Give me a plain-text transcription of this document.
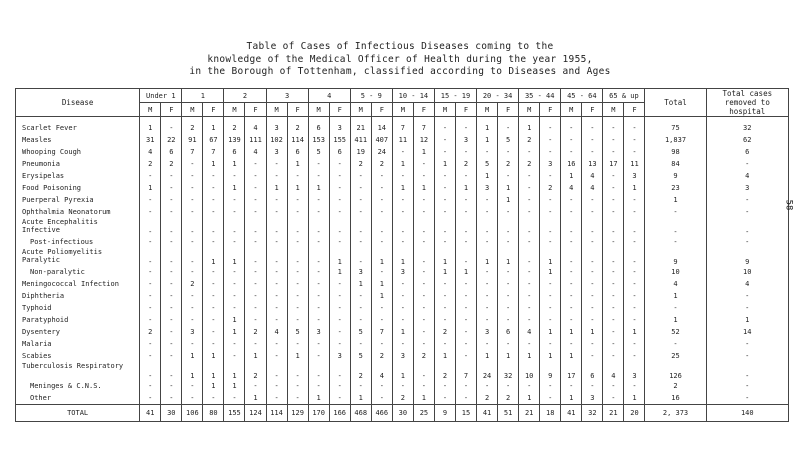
Table of Cases of Infectious Diseases coming to the
knowledge of the Medical Officer of Health during the year 1955,
in the Borough of Tottenham, classified according to Diseases and Ages
Disease	Under 1		1		2		3		4		5 - 9		10 - 14		15 - 19		20 - 34		35 - 44		45 - 64		65 & up		Total	Total cases removed to hospital
	M	F	M	F	M	F	M	F	M	F	M	F	M	F	M	F	M	F	M	F	M	F	M	F		

Scarlet Fever	1	-	2	1	2	4	3	2	6	3	21	14	7	7	-	-	1	-	1	-	-	-	-	-	75	32
Measles	31	22	91	67	139	111	102	114	153	155	411	407	11	12	-	3	1	5	2	-	-	-	-	-	1,837	62
Whooping Cough	4	6	7	7	6	4	3	6	5	6	19	24	-	1	-	-	-	-	-	-	-	-	-	-	98	6
Pneumonia	2	2	-	1	1	-	-	1	-	-	2	2	1	-	1	2	5	2	2	3	16	13	17	11	84	-
Erysipelas	-	-	-	-	-	-	-	-	-	-	-	-	-	-	-	-	1	-	-	-	1	4	-	3	9	4
Food Poisoning	1	-	-	-	1	-	1	1	1	-	-	-	1	1	-	1	3	1	-	2	4	4	-	1	23	3
Puerperal Pyrexia	-	-	-	-	-	-	-	-	-	-	-	-	-	-	-	-	-	1	-	-	-	-	-	-	1	-
Ophthalmia Neonatorum	-	-	-	-	-	-	-	-	-	-	-	-	-	-	-	-	-	-	-	-	-	-	-	-	-	-
Acute Encephalitis Infective	-	-	-	-	-	-	-	-	-	-	-	-	-	-	-	-	-	-	-	-	-	-	-	-	-	-
Post-infectious	-	-	-	-	-	-	-	-	-	-	-	-	-	-	-	-	-	-	-	-	-	-	-	-	-	-
Acute Poliomyelitis Paralytic	-	-	-	1	1	-	-	-	-	1	-	1	1	-	1	-	1	1	-	1	-	-	-	-	9	9
Non-paralytic	-	-	-	-	-	-	-	-	-	1	3	-	3	-	1	1	-	-	-	1	-	-	-	-	10	10
Meningococcal Infection	-	-	2	-	-	-	-	-	-	-	1	1	-	-	-	-	-	-	-	-	-	-	-	-	4	4
Diphtheria	-	-	-	-	-	-	-	-	-	-	-	1	-	-	-	-	-	-	-	-	-	-	-	-	1	-
Typhoid	-	-	-	-	-	-	-	-	-	-	-	-	-	-	-	-	-	-	-	-	-	-	-	-	-	-
Paratyphoid	-	-	-	-	1	-	-	-	-	-	-	-	-	-	-	-	-	-	-	-	-	-	-	-	1	1
Dysentery	2	-	3	-	1	2	4	5	3	-	5	7	1	-	2	-	3	6	4	1	1	1	-	1	52	14
Malaria	-	-	-	-	-	-	-	-	-	-	-	-	-	-	-	-	-	-	-	-	-	-	-	-	-	-
Scabies	-	-	1	1	-	1	-	1	-	3	5	2	3	2	1	-	1	1	1	1	1	-	-	-	25	-
Tuberculosis Respiratory	-	-	1	1	1	2	-	-	-	-	2	4	1	-	2	7	24	32	10	9	17	6	4	3	126	-
Meninges & C.N.S.	-	-	-	1	1	-	-	-	-	-	-	-	-	-	-	-	-	-	-	-	-	-	-	-	2	-
Other	-	-	-	-	-	1	-	-	1	-	1	-	2	1	-	-	2	2	1	-	1	3	-	1	16	-
TOTAL	41	30	106	80	155	124	114	129	170	166	468	466	30	25	9	15	41	51	21	18	41	32	21	20	2, 373	140
58
